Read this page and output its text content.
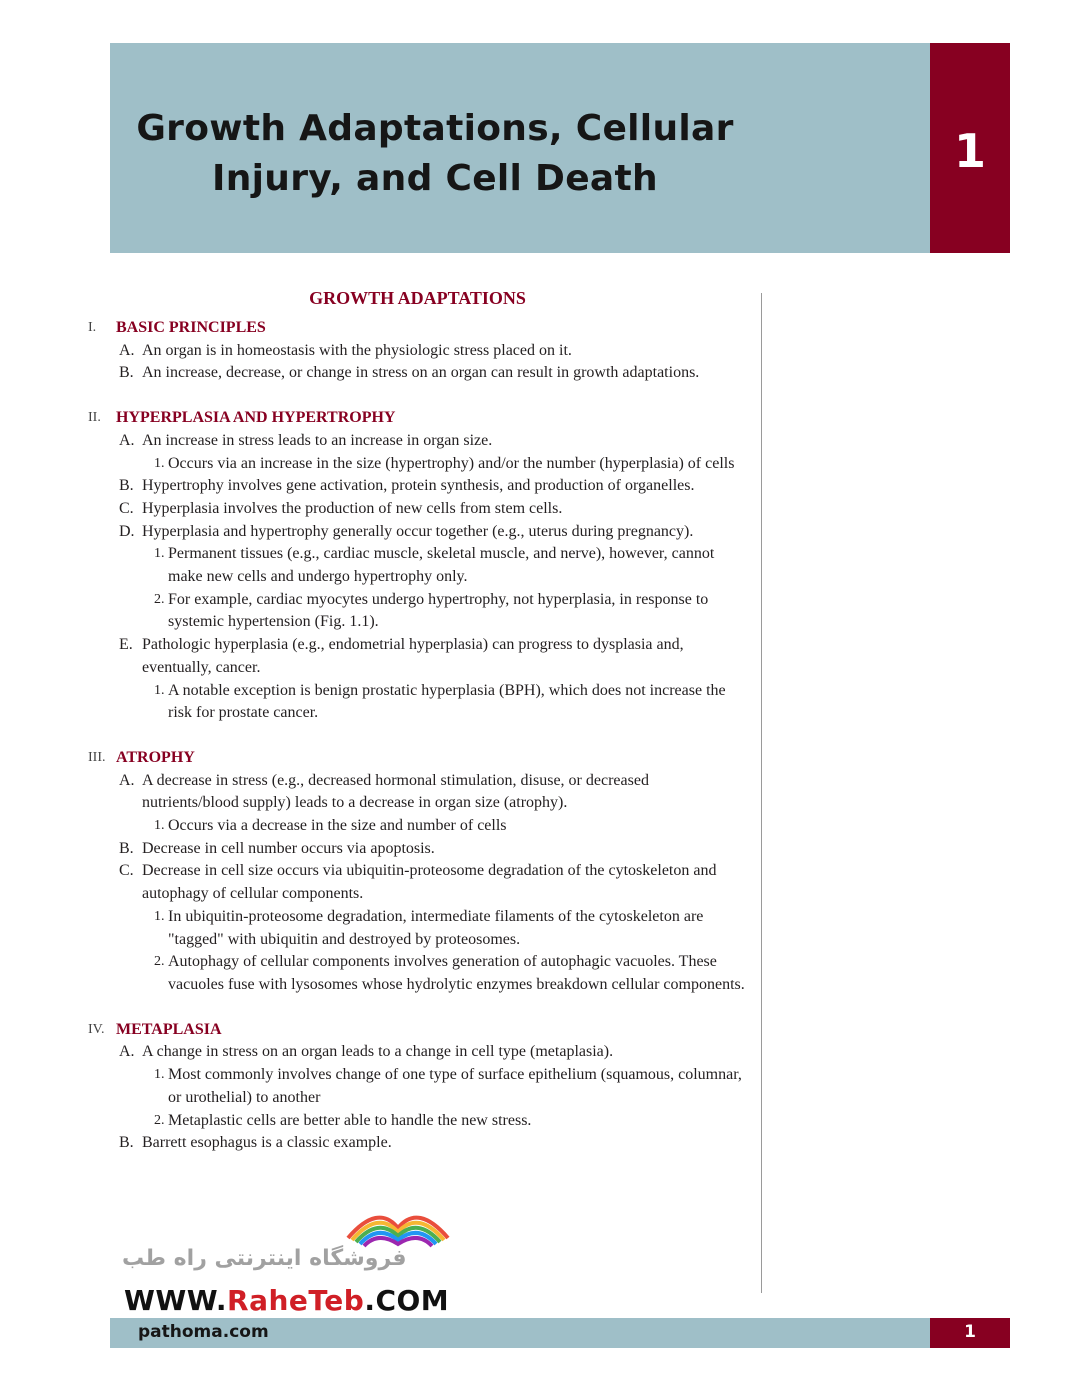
Growth Adaptations, Cellular
Injury, and Cell Death
1
GROWTH ADAPTATIONS
I. BASIC PRINCIPLES
A. An organ is in homeostasis with the physiologic stress placed on it.
B. An increase, decrease, or change in stress on an organ can result in growth adaptations.
II. HYPERPLASIA AND HYPERTROPHY
A. An increase in stress leads to an increase in organ size.
1. Occurs via an increase in the size (hypertrophy) and/or the number (hyperplasia) of cells
B. Hypertrophy involves gene activation, protein synthesis, and production of organelles.
C. Hyperplasia involves the production of new cells from stem cells.
D. Hyperplasia and hypertrophy generally occur together (e.g., uterus during pregnancy).
1. Permanent tissues (e.g., cardiac muscle, skeletal muscle, and nerve), however, cannot make new cells and undergo hypertrophy only.
2. For example, cardiac myocytes undergo hypertrophy, not hyperplasia, in response to systemic hypertension (Fig. 1.1).
E. Pathologic hyperplasia (e.g., endometrial hyperplasia) can progress to dysplasia and, eventually, cancer.
1. A notable exception is benign prostatic hyperplasia (BPH), which does not increase the risk for prostate cancer.
III. ATROPHY
A. A decrease in stress (e.g., decreased hormonal stimulation, disuse, or decreased nutrients/blood supply) leads to a decrease in organ size (atrophy).
1. Occurs via a decrease in the size and number of cells
B. Decrease in cell number occurs via apoptosis.
C. Decrease in cell size occurs via ubiquitin-proteosome degradation of the cytoskeleton and autophagy of cellular components.
1. In ubiquitin-proteosome degradation, intermediate filaments of the cytoskeleton are "tagged" with ubiquitin and destroyed by proteosomes.
2. Autophagy of cellular components involves generation of autophagic vacuoles. These vacuoles fuse with lysosomes whose hydrolytic enzymes breakdown cellular components.
IV. METAPLASIA
A. A change in stress on an organ leads to a change in cell type (metaplasia).
1. Most commonly involves change of one type of surface epithelium (squamous, columnar, or urothelial) to another
2. Metaplastic cells are better able to handle the new stress.
B. Barrett esophagus is a classic example.
فروشگاه اینترنتی راه طب
WWW.RaheTeb.COM
pathoma.com	1
